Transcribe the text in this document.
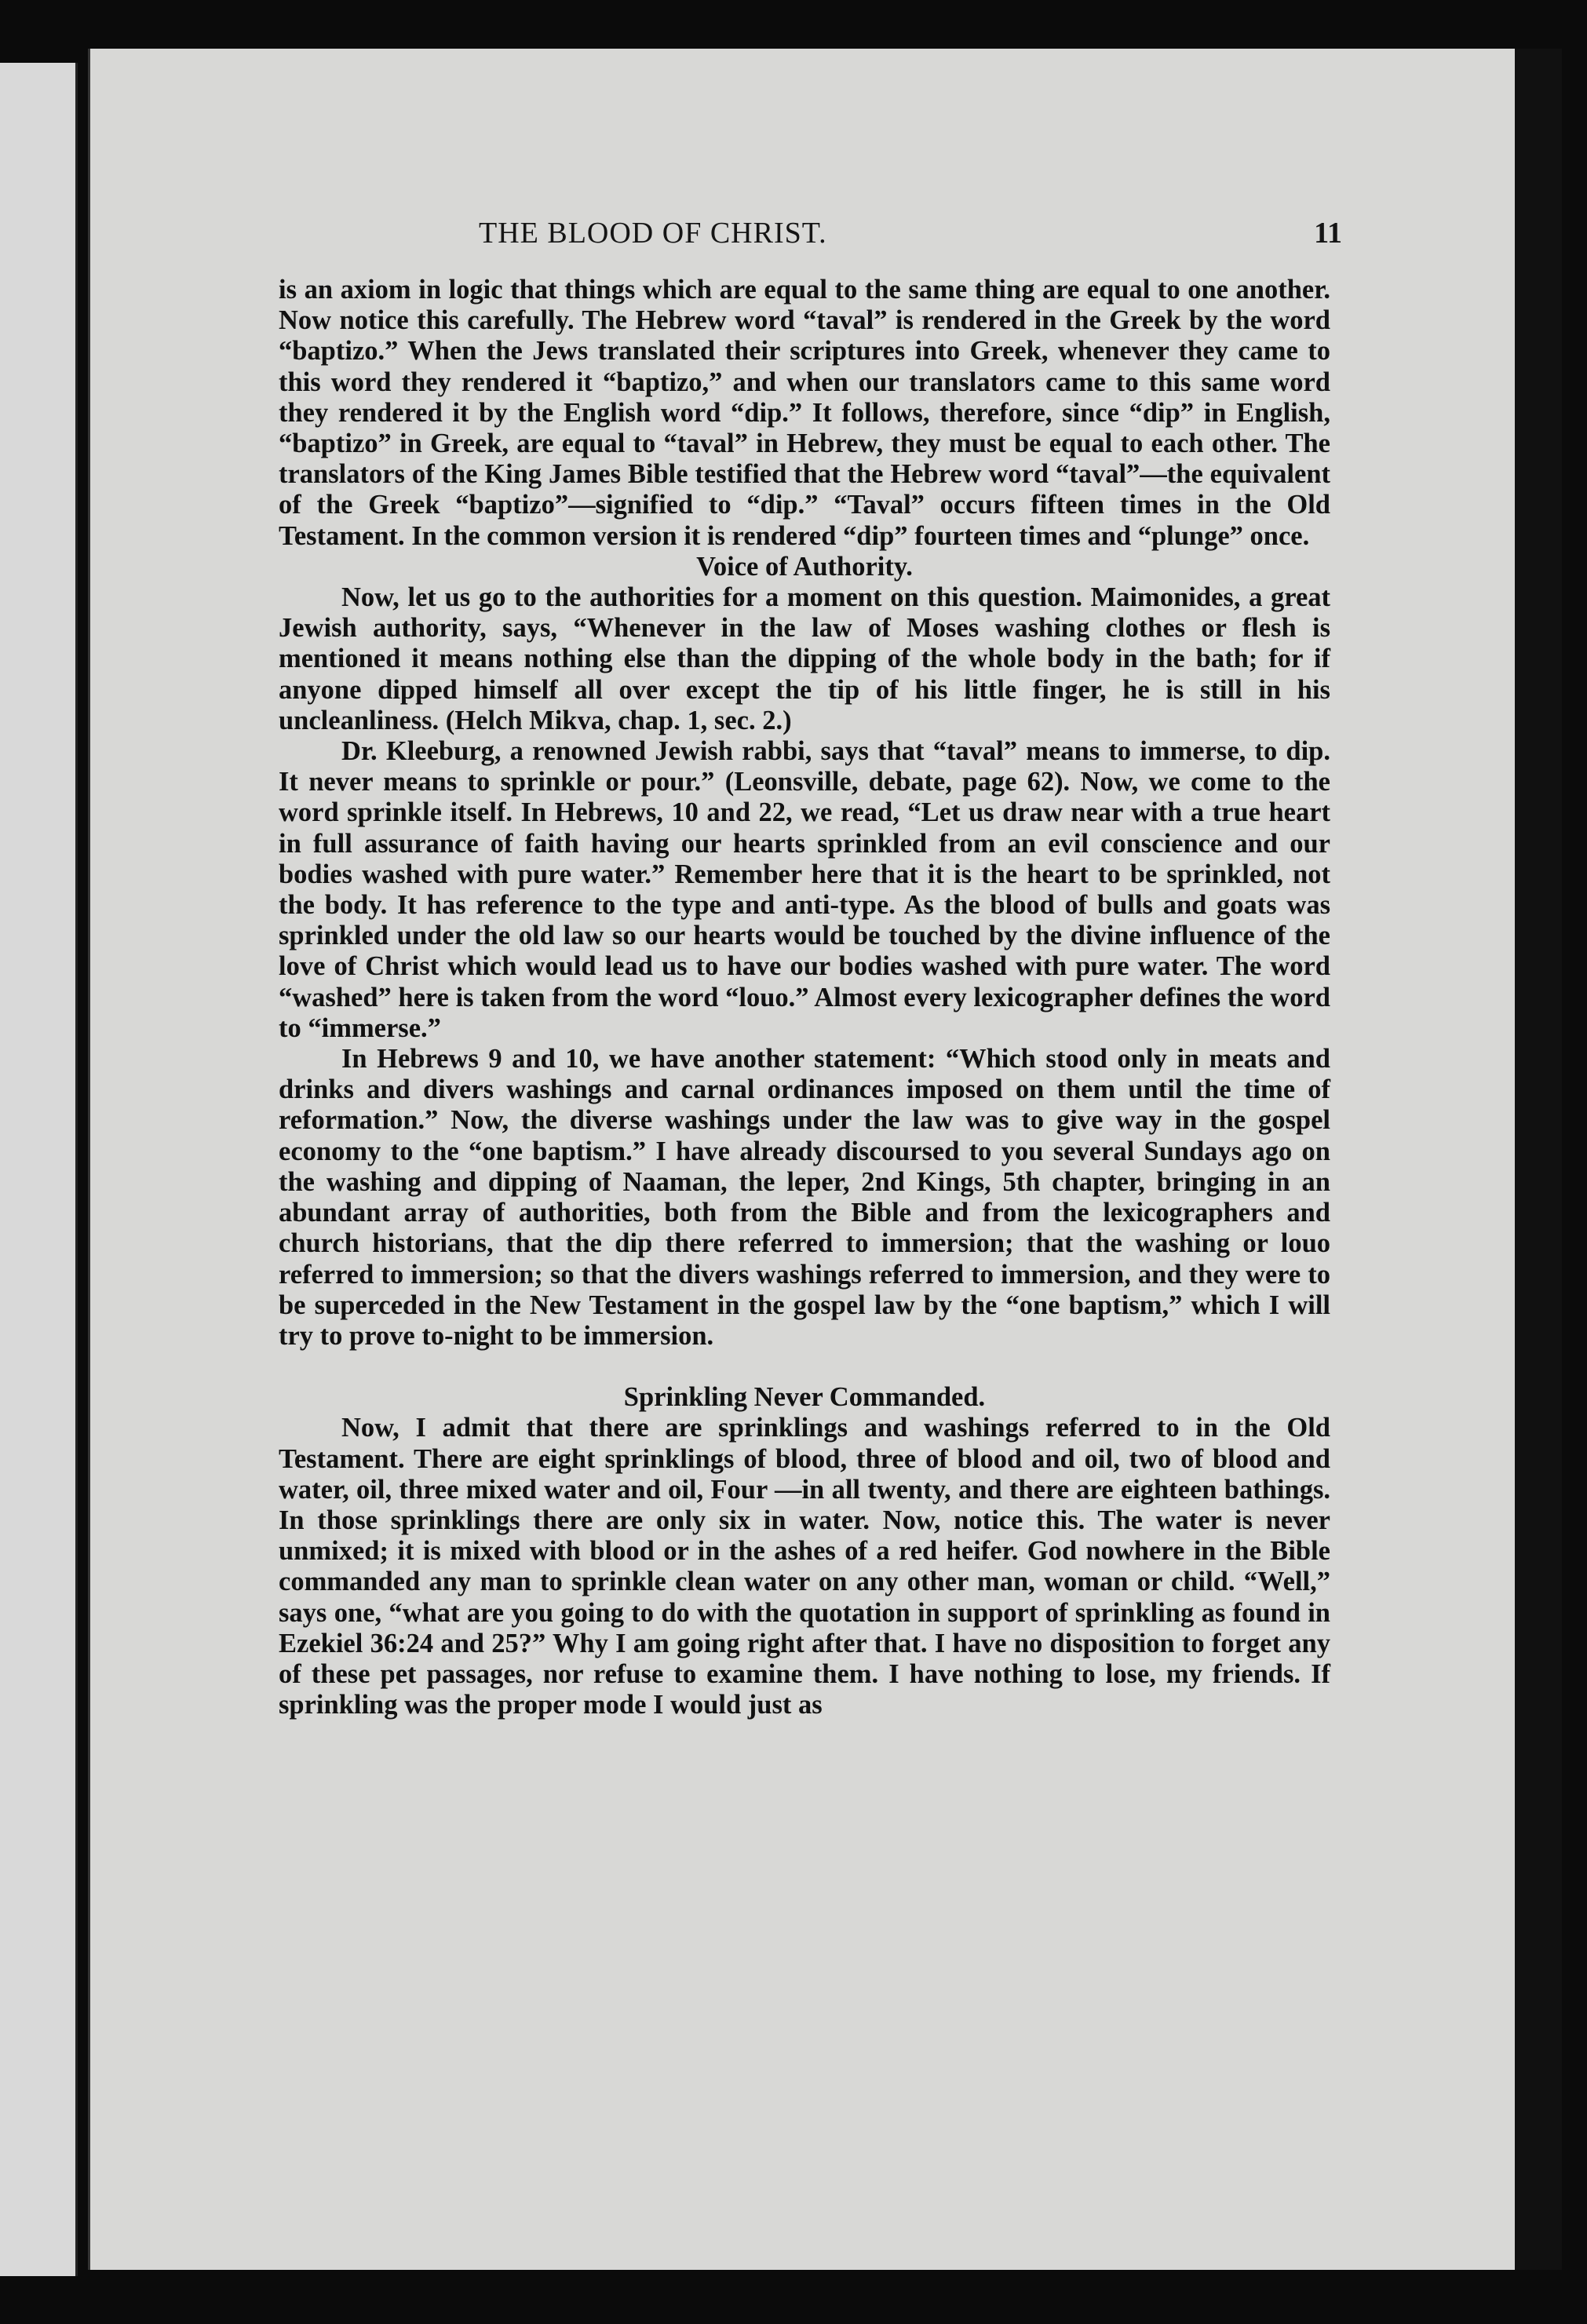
THE BLOOD OF CHRIST.	11

is an axiom in logic that things which are equal to the same thing are equal to one another. Now notice this carefully. The Hebrew word “taval” is rendered in the Greek by the word “baptizo.” When the Jews translated their scriptures into Greek, whenever they came to this word they rendered it “baptizo,” and when our translators came to this same word they rendered it by the English word “dip.” It follows, therefore, since “dip” in English, “baptizo” in Greek, are equal to “taval” in Hebrew, they must be equal to each other. The translators of the King James Bible testified that the Hebrew word “taval”—the equivalent of the Greek “baptizo”—signified to “dip.” “Taval” occurs fifteen times in the Old Testament. In the common version it is rendered “dip” fourteen times and “plunge” once.

Voice of Authority.

Now, let us go to the authorities for a moment on this question. Maimonides, a great Jewish authority, says, “Whenever in the law of Moses washing clothes or flesh is mentioned it means nothing else than the dipping of the whole body in the bath; for if anyone dipped himself all over except the tip of his little finger, he is still in his uncleanliness. (Helch Mikva, chap. 1, sec. 2.)

Dr. Kleeburg, a renowned Jewish rabbi, says that “taval” means to immerse, to dip. It never means to sprinkle or pour.” (Leonsville, debate, page 62). Now, we come to the word sprinkle itself. In Hebrews, 10 and 22, we read, “Let us draw near with a true heart in full assurance of faith having our hearts sprinkled from an evil conscience and our bodies washed with pure water.” Remember here that it is the heart to be sprinkled, not the body. It has reference to the type and anti-type. As the blood of bulls and goats was sprinkled under the old law so our hearts would be touched by the divine influence of the love of Christ which would lead us to have our bodies washed with pure water. The word “washed” here is taken from the word “louo.” Almost every lexicographer defines the word to “immerse.”

In Hebrews 9 and 10, we have another statement: “Which stood only in meats and drinks and divers washings and carnal ordinances imposed on them until the time of reformation.” Now, the diverse washings under the law was to give way in the gospel economy to the “one baptism.” I have already discoursed to you several Sundays ago on the washing and dipping of Naaman, the leper, 2nd Kings, 5th chapter, bringing in an abundant array of authorities, both from the Bible and from the lexicographers and church historians, that the dip there referred to immersion; that the washing or louo referred to immersion; so that the divers washings referred to immersion, and they were to be superceded in the New Testament in the gospel law by the “one baptism,” which I will try to prove to-night to be immersion.

Sprinkling Never Commanded.

Now, I admit that there are sprinklings and washings referred to in the Old Testament. There are eight sprinklings of blood, three of blood and oil, two of blood and water, oil, three mixed water and oil, Four —in all twenty, and there are eighteen bathings. In those sprinklings there are only six in water. Now, notice this. The water is never unmixed; it is mixed with blood or in the ashes of a red heifer. God nowhere in the Bible commanded any man to sprinkle clean water on any other man, woman or child. “Well,” says one, “what are you going to do with the quotation in support of sprinkling as found in Ezekiel 36:24 and 25?” Why I am going right after that. I have no disposition to forget any of these pet passages, nor refuse to examine them. I have nothing to lose, my friends. If sprinkling was the proper mode I would just as
